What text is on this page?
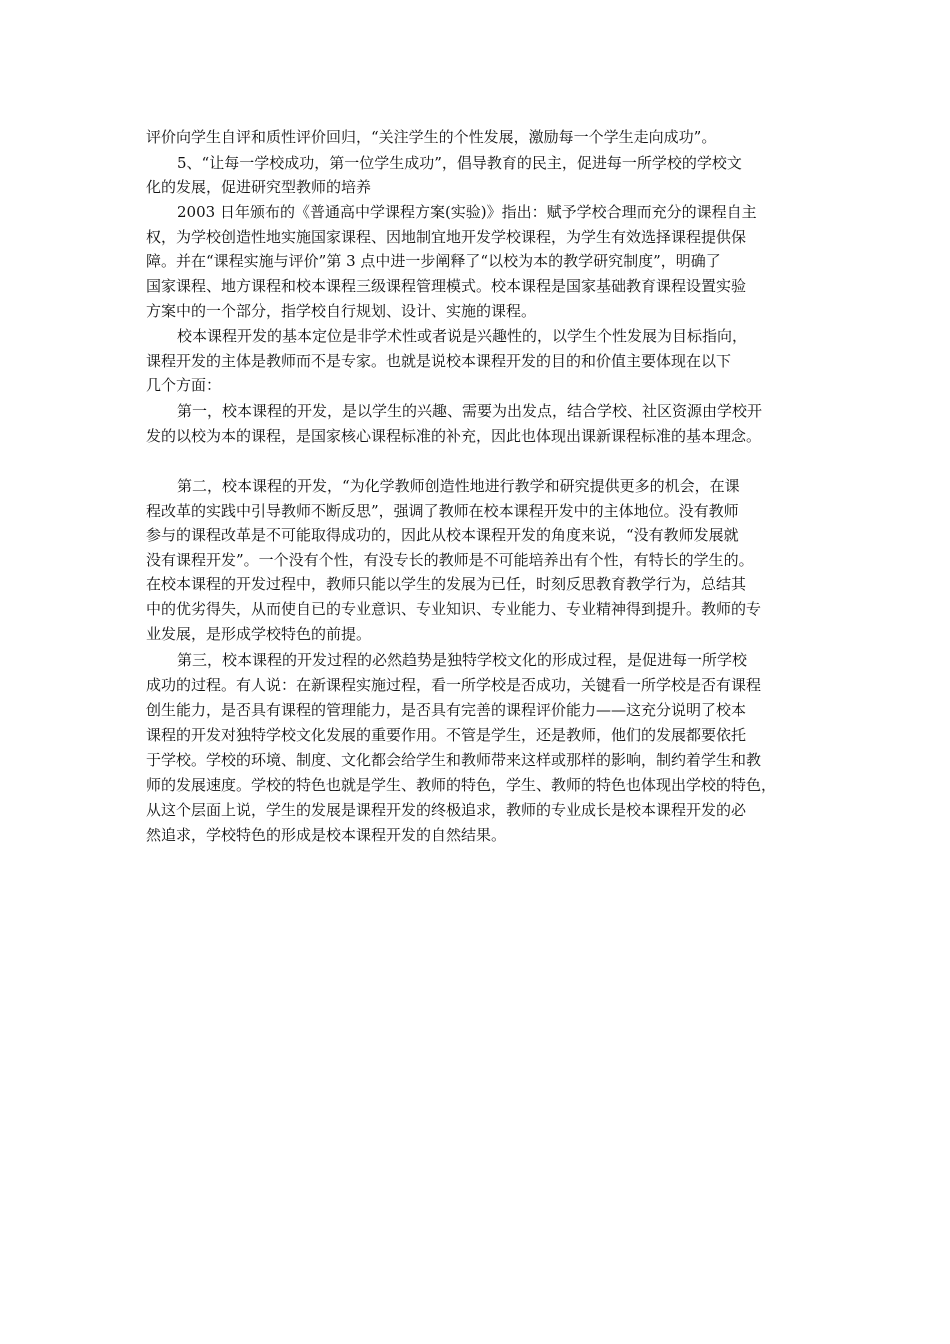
评价向学生自评和质性评价回归，“关注学生的个性发展，激励每一个学生走向成功”。
5、“让每一学校成功，第一位学生成功”，倡导教育的民主，促进每一所学校的学校文
化的发展，促进研究型教师的培养
2003 日年颁布的《普通高中学课程方案(实验)》指出：赋予学校合理而充分的课程自主
权，为学校创造性地实施国家课程、因地制宜地开发学校课程，为学生有效选择课程提供保
障。并在“课程实施与评价”第 3 点中进一步阐释了“以校为本的教学研究制度”，明确了
国家课程、地方课程和校本课程三级课程管理模式。校本课程是国家基础教育课程设置实验
方案中的一个部分，指学校自行规划、设计、实施的课程。
校本课程开发的基本定位是非学术性或者说是兴趣性的，以学生个性发展为目标指向，
课程开发的主体是教师而不是专家。也就是说校本课程开发的目的和价值主要体现在以下
几个方面：
第一，校本课程的开发，是以学生的兴趣、需要为出发点，结合学校、社区资源由学校开
发的以校为本的课程，是国家核心课程标准的补充，因此也体现出课新课程标准的基本理念。
第二，校本课程的开发，“为化学教师创造性地进行教学和研究提供更多的机会，在课
程改革的实践中引导教师不断反思”，强调了教师在校本课程开发中的主体地位。没有教师
参与的课程改革是不可能取得成功的，因此从校本课程开发的角度来说，“没有教师发展就
没有课程开发”。一个没有个性，有没专长的教师是不可能培养出有个性，有特长的学生的。
在校本课程的开发过程中，教师只能以学生的发展为已任，时刻反思教育教学行为，总结其
中的优劣得失，从而使自已的专业意识、专业知识、专业能力、专业精神得到提升。教师的专
业发展，是形成学校特色的前提。
第三，校本课程的开发过程的必然趋势是独特学校文化的形成过程，是促进每一所学校
成功的过程。有人说：在新课程实施过程，看一所学校是否成功，关键看一所学校是否有课程
创生能力，是否具有课程的管理能力，是否具有完善的课程评价能力——这充分说明了校本
课程的开发对独特学校文化发展的重要作用。不管是学生，还是教师，他们的发展都要依托
于学校。学校的环境、制度、文化都会给学生和教师带来这样或那样的影响，制约着学生和教
师的发展速度。学校的特色也就是学生、教师的特色，学生、教师的特色也体现出学校的特色，
从这个层面上说，学生的发展是课程开发的终极追求，教师的专业成长是校本课程开发的必
然追求，学校特色的形成是校本课程开发的自然结果。
